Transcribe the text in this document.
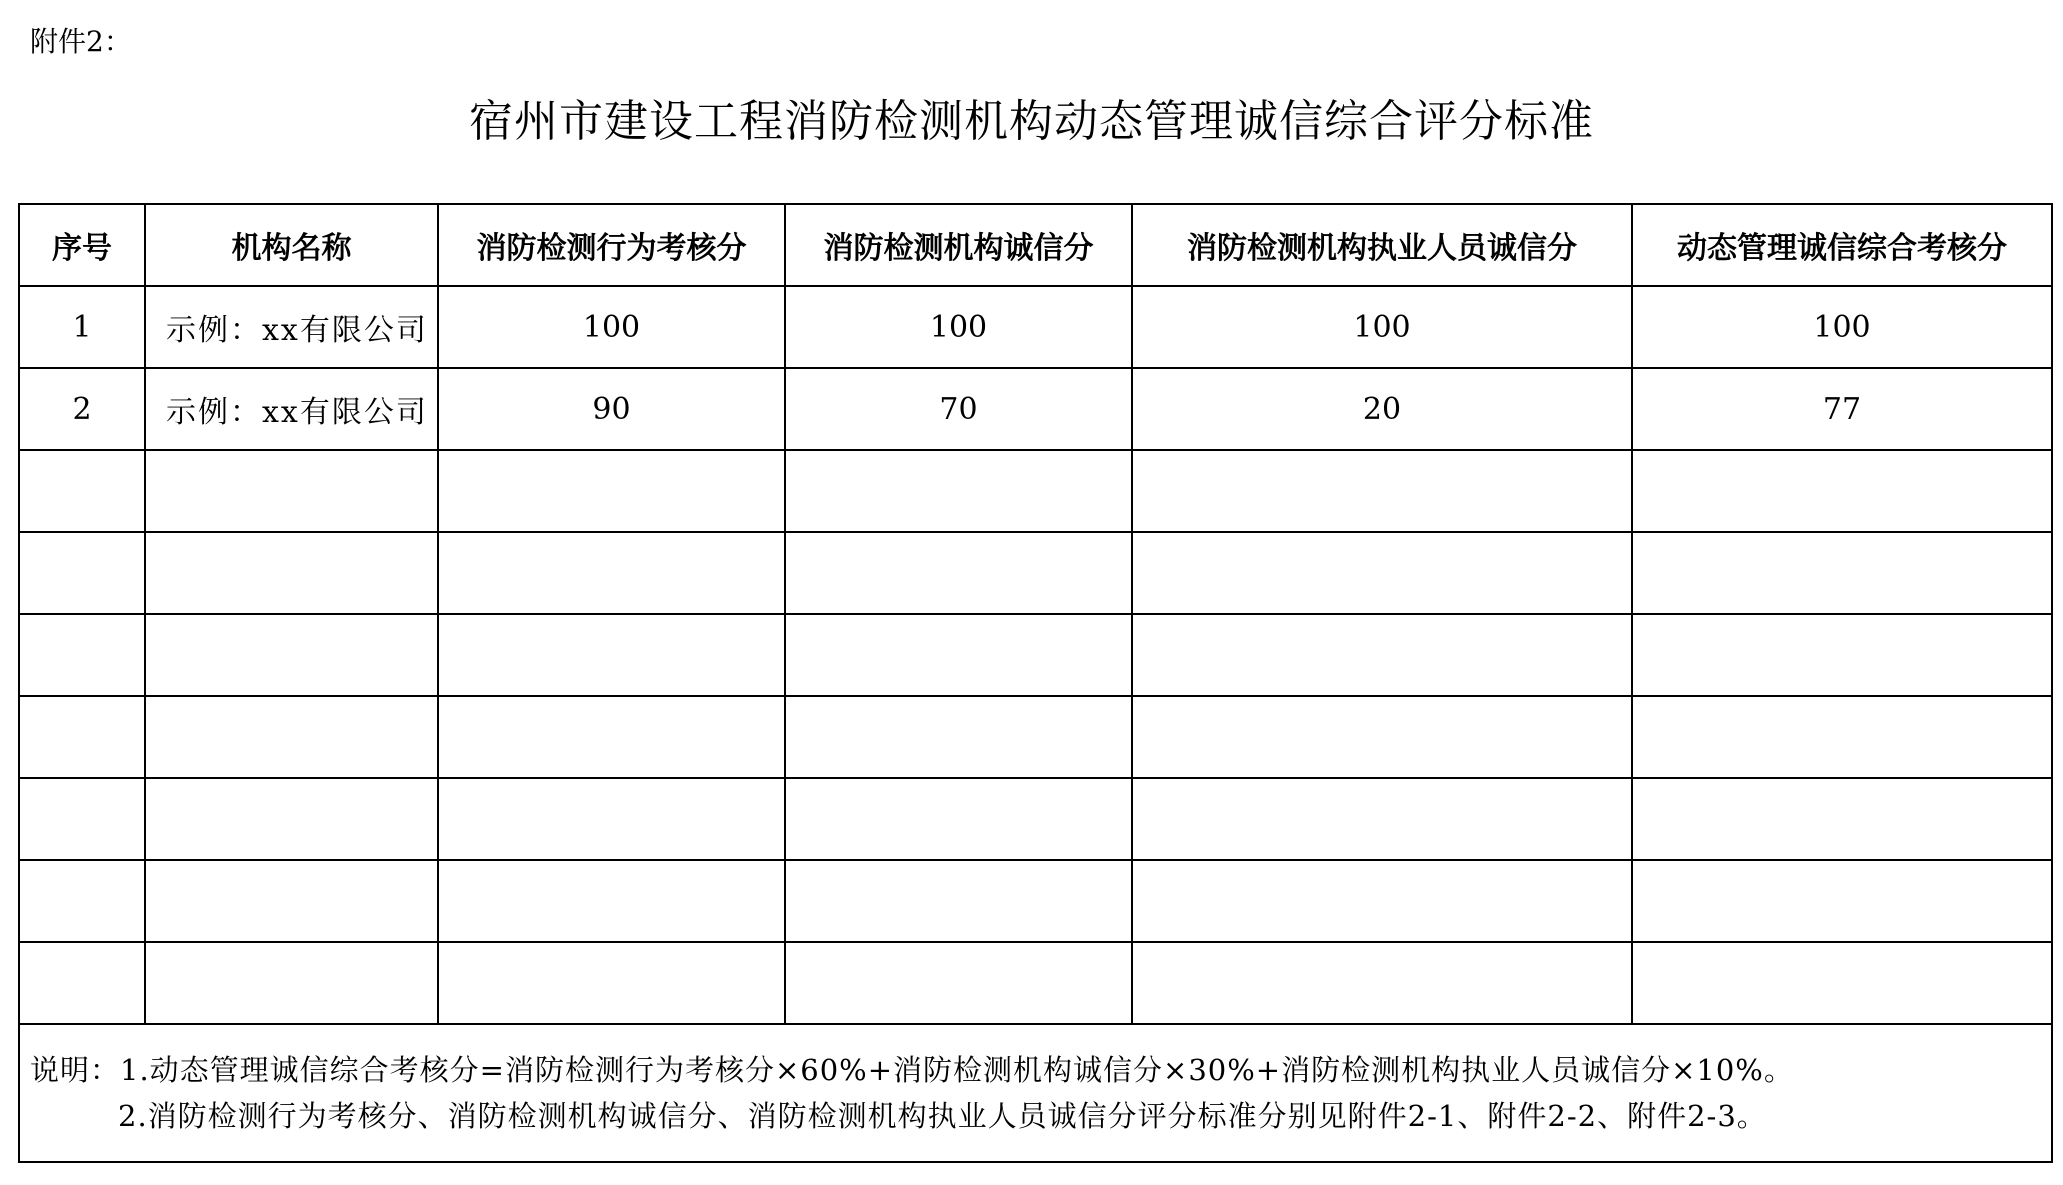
附件2：
宿州市建设工程消防检测机构动态管理诚信综合评分标准
序号	机构名称	消防检测行为考核分	消防检测机构诚信分	消防检测机构执业人员诚信分	动态管理诚信综合考核分
1	示例：xx有限公司	100	100	100	100
2	示例：xx有限公司	90	70	20	77

说明：1.动态管理诚信综合考核分=消防检测行为考核分×60%+消防检测机构诚信分×30%+消防检测机构执业人员诚信分×10%。
2.消防检测行为考核分、消防检测机构诚信分、消防检测机构执业人员诚信分评分标准分别见附件2-1、附件2-2、附件2-3。					
